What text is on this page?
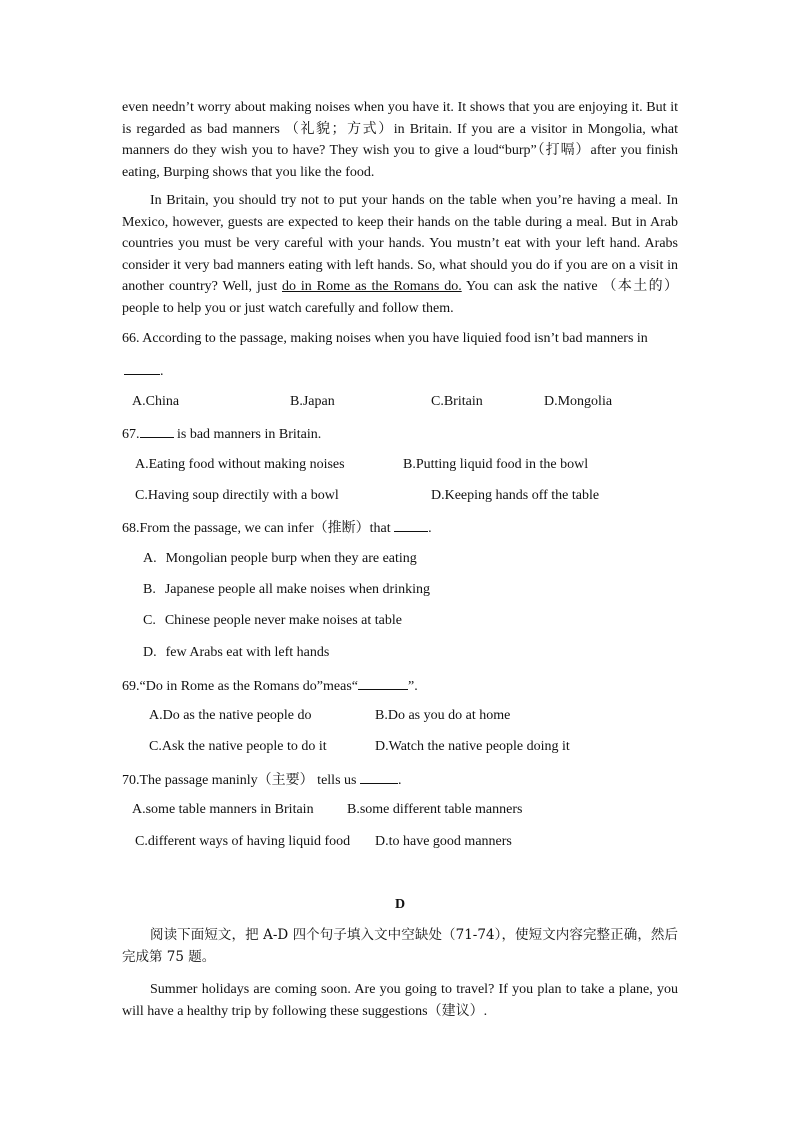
even needn’t worry about making noises when you have it. It shows that you are enjoying it. But it is regarded as bad manners （礼貌；方式）in Britain. If you are a visitor in Mongolia, what manners do they wish you to have? They wish you to give a loud“burp”（打嗝）after you finish eating, Burping shows that you like the food.
In Britain, you should try not to put your hands on the table when you’re having a meal. In Mexico, however, guests are expected to keep their hands on the table during a meal. But in Arab countries you must be very careful with your hands. You mustn’t eat with your left hand. Arabs consider it very bad manners eating with left hands. So, what should you do if you are on a visit in another country? Well, just do in Rome as the Romans do. You can ask the native （本土的）people to help you or just watch carefully and follow them.
66. According to the passage, making noises when you have liquied food isn’t bad manners in
.
A.China	B.Japan	C.Britain	D.Mongolia
67. is bad manners in Britain.
A.Eating food without making noises	B.Putting liquid food in the bowl
C.Having soup directily with a bowl	D.Keeping hands off the table
68.From the passage, we can infer（推断）that .
A. Mongolian people burp when they are eating
B. Japanese people all make noises when drinking
C. Chinese people never make noises at table
D. few Arabs eat with left hands
69.“Do in Rome as the Romans do”meas“	”.
A.Do as the native people do	B.Do as you do at home
C.Ask the native people to do it	D.Watch the native people doing it
70.The passage maninly（主要） tells us	.
A.some table manners in Britain B.some different table manners
C.different ways of having liquid food D.to have good manners
D
阅读下面短文，把 A-D 四个句子填入文中空缺处（71-74），使短文内容完整正确，然后完成第 75 题。
Summer holidays are coming soon. Are you going to travel? If you plan to take a plane, you will have a healthy trip by following these suggestions（建议）.
